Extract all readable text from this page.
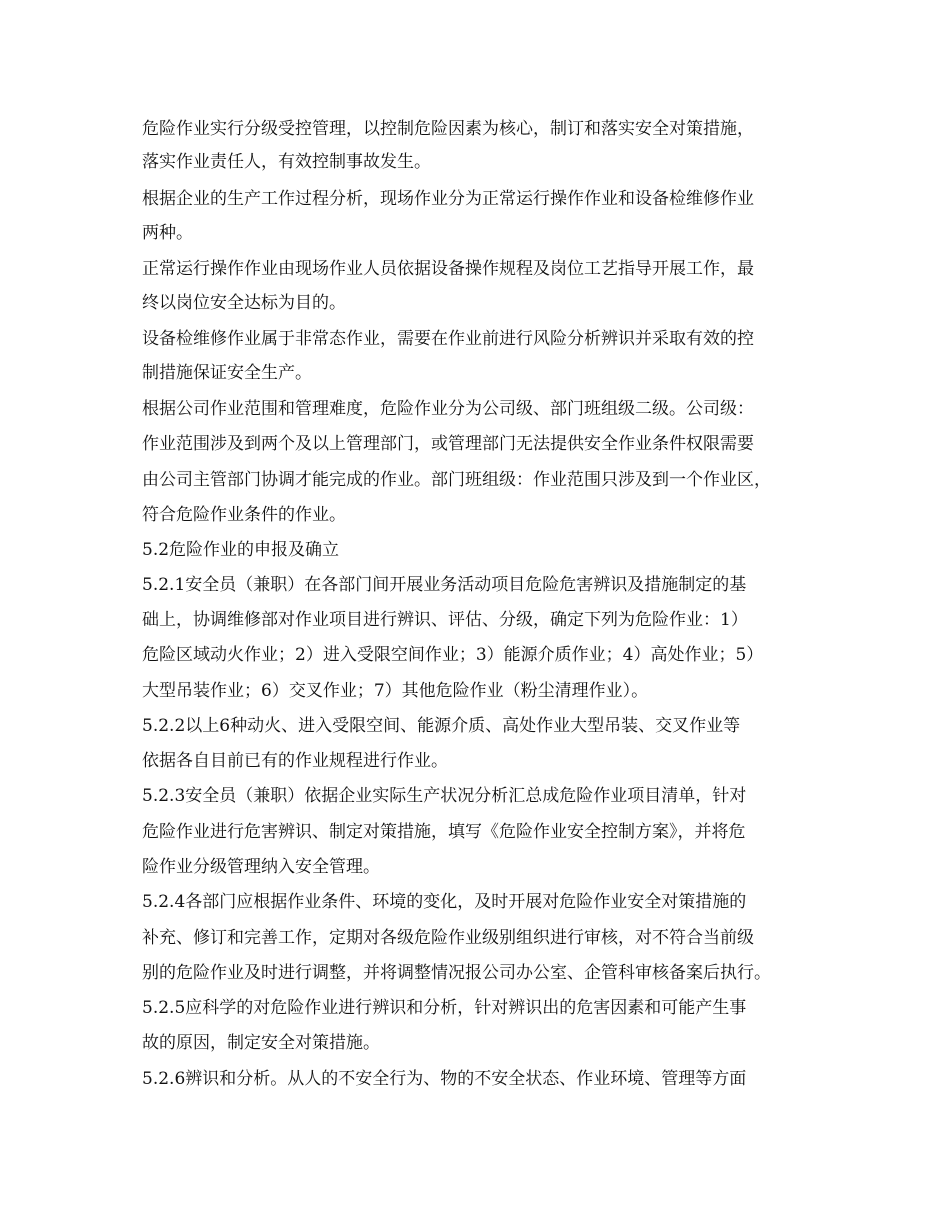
危险作业实行分级受控管理，以控制危险因素为核心，制订和落实安全对策措施，
落实作业责任人，有效控制事故发生。
根据企业的生产工作过程分析，现场作业分为正常运行操作作业和设备检维修作业
两种。
正常运行操作作业由现场作业人员依据设备操作规程及岗位工艺指导开展工作，最
终以岗位安全达标为目的。
设备检维修作业属于非常态作业，需要在作业前进行风险分析辨识并采取有效的控
制措施保证安全生产。
根据公司作业范围和管理难度，危险作业分为公司级、部门班组级二级。公司级：
作业范围涉及到两个及以上管理部门，或管理部门无法提供安全作业条件权限需要
由公司主管部门协调才能完成的作业。部门班组级：作业范围只涉及到一个作业区，
符合危险作业条件的作业。
5.2危险作业的申报及确立
5.2.1安全员（兼职）在各部门间开展业务活动项目危险危害辨识及措施制定的基
础上，协调维修部对作业项目进行辨识、评估、分级，确定下列为危险作业：1）
危险区域动火作业；2）进入受限空间作业；3）能源介质作业；4）高处作业；5）
大型吊装作业；6）交叉作业；7）其他危险作业（粉尘清理作业）。
5.2.2以上6种动火、进入受限空间、能源介质、高处作业大型吊装、交叉作业等
依据各自目前已有的作业规程进行作业。
5.2.3安全员（兼职）依据企业实际生产状况分析汇总成危险作业项目清单，针对
危险作业进行危害辨识、制定对策措施，填写《危险作业安全控制方案》，并将危
险作业分级管理纳入安全管理。
5.2.4各部门应根据作业条件、环境的变化，及时开展对危险作业安全对策措施的
补充、修订和完善工作，定期对各级危险作业级别组织进行审核，对不符合当前级
别的危险作业及时进行调整，并将调整情况报公司办公室、企管科审核备案后执行。
5.2.5应科学的对危险作业进行辨识和分析，针对辨识出的危害因素和可能产生事
故的原因，制定安全对策措施。
5.2.6辨识和分析。从人的不安全行为、物的不安全状态、作业环境、管理等方面
